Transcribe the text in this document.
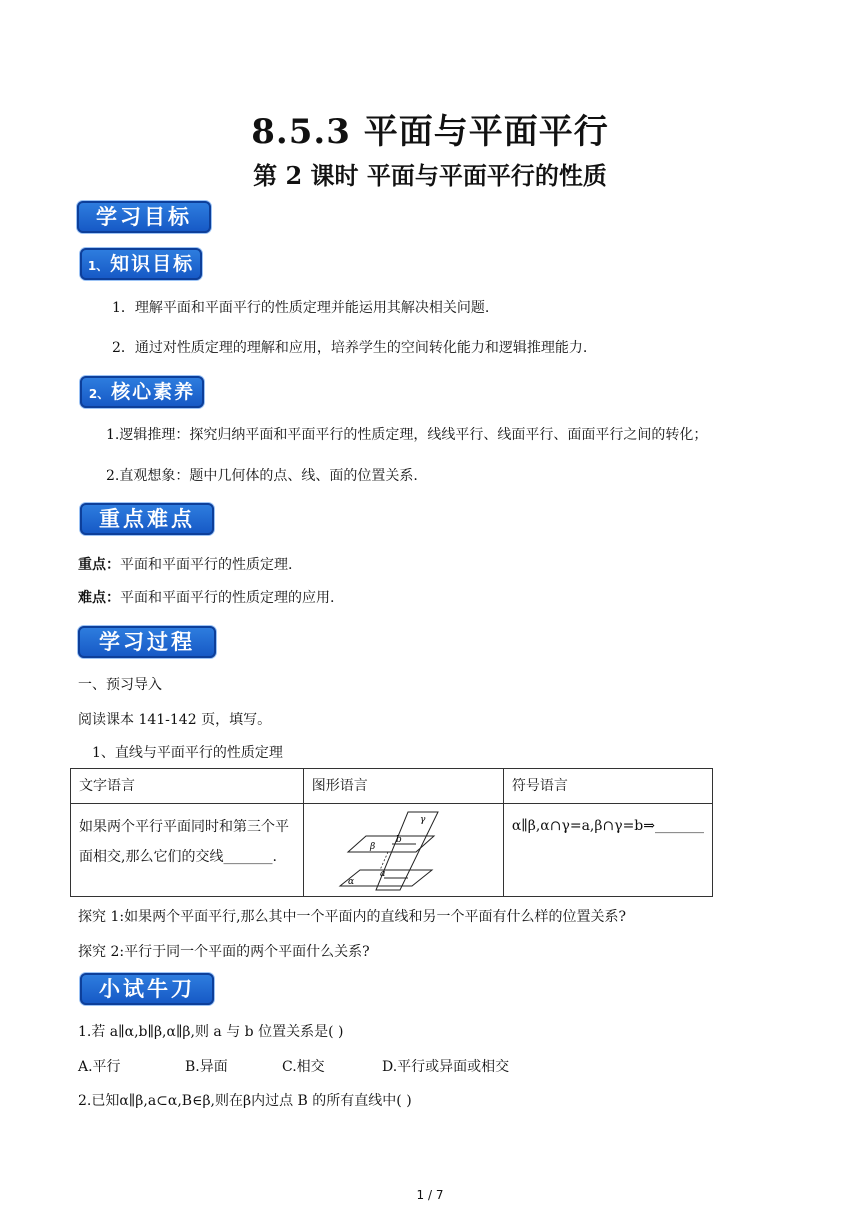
8.5.3 平面与平面平行
第 2 课时 平面与平面平行的性质
学习目标
1、 知识目标
1．理解平面和平面平行的性质定理并能运用其解决相关问题.
2．通过对性质定理的理解和应用，培养学生的空间转化能力和逻辑推理能力.
2、 核心素养
1.逻辑推理：探究归纳平面和平面平行的性质定理，线线平行、线面平行、面面平行之间的转化；
2.直观想象：题中几何体的点、线、面的位置关系.
重点难点
重点：平面和平面平行的性质定理.
难点：平面和平面平行的性质定理的应用.
学习过程
一、预习导入
阅读课本 141-142 页，填写。
1、直线与平面平行的性质定理
文字语言	图形语言	符号语言
如果两个平行平面同时和第三个平面相交,那么它们的交线_______.	β
α
γ
b
a	α∥β,α∩γ=a,β∩γ=b⇒_______
探究 1:如果两个平面平行,那么其中一个平面内的直线和另一个平面有什么样的位置关系?
探究 2:平行于同一个平面的两个平面什么关系?
小试牛刀
1.若 a∥α,b∥β,α∥β,则 a 与 b 位置关系是( )
A.平行	B.异面	C.相交	D.平行或异面或相交
2.已知α∥β,a⊂α,B∈β,则在β内过点 B 的所有直线中( )
1 / 7
